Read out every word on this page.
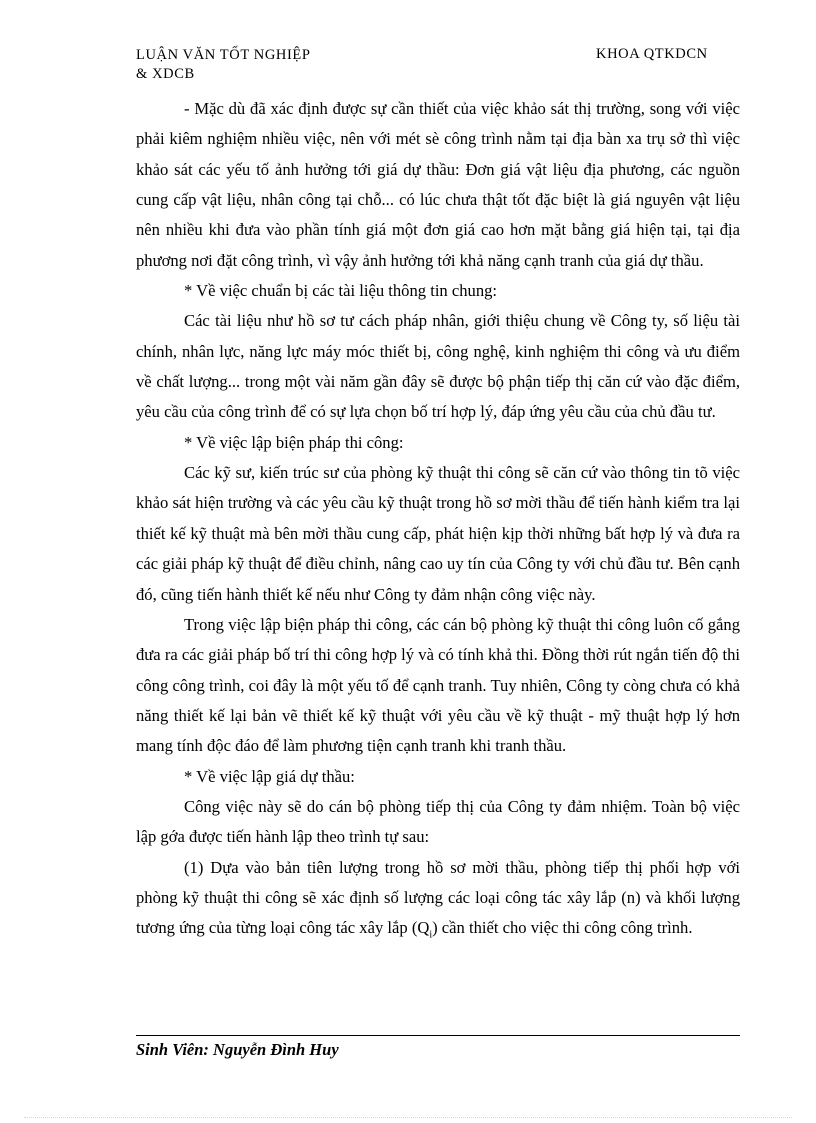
LUẬN VĂN TỐT NGHIỆP
& XDCB
KHOA QTKDCN

- Mặc dù đã xác định được sự cần thiết của việc khảo sát thị trường, song với việc phải kiêm nghiệm nhiều việc, nên với mét sè công trình nằm tại địa bàn xa trụ sở thì việc khảo sát các yếu tố ảnh hưởng tới giá dự thầu: Đơn giá vật liệu địa phương, các nguồn cung cấp vật liệu, nhân công tại chỗ... có lúc chưa thật tốt đặc biệt là giá nguyên vật liệu nên nhiều khi đưa vào phần tính giá một đơn giá cao hơn mặt bằng giá hiện tại, tại địa phương nơi đặt công trình, vì vậy ảnh hưởng tới khả năng cạnh tranh của giá dự thầu.

* Về việc chuẩn bị các tài liệu thông tin chung:

Các tài liệu như hồ sơ tư cách pháp nhân, giới thiệu chung về Công ty, số liệu tài chính, nhân lực, năng lực máy móc thiết bị, công nghệ, kinh nghiệm thi công và ưu điểm về chất lượng... trong một vài năm gần đây sẽ được bộ phận tiếp thị căn cứ vào đặc điểm, yêu cầu của công trình để có sự lựa chọn bố trí hợp lý, đáp ứng yêu cầu của chủ đầu tư.

* Về việc lập biện pháp thi công:

Các kỹ sư, kiến trúc sư của phòng kỹ thuật thi công sẽ căn cứ vào thông tin tõ việc khảo sát hiện trường và các yêu cầu kỹ thuật trong hồ sơ mời thầu để tiến hành kiểm tra lại thiết kế kỹ thuật mà bên mời thầu cung cấp, phát hiện kịp thời những bất hợp lý và đưa ra các giải pháp kỹ thuật để điều chỉnh, nâng cao uy tín của Công ty với chủ đầu tư. Bên cạnh đó, cũng tiến hành thiết kế nếu như Công ty đảm nhận công việc này.

Trong việc lập biện pháp thi công, các cán bộ phòng kỹ thuật thi công luôn cố gắng đưa ra các giải pháp bố trí thi công hợp lý và có tính khả thi. Đồng thời rút ngắn tiến độ thi công công trình, coi đây là một yếu tố để cạnh tranh. Tuy nhiên, Công ty còng chưa có khả năng thiết kế lại bản vẽ thiết kế kỹ thuật với yêu cầu về kỹ thuật - mỹ thuật hợp lý hơn mang tính độc đáo để làm phương tiện cạnh tranh khi tranh thầu.

* Về việc lập giá dự thầu:

Công việc này sẽ do cán bộ phòng tiếp thị của Công ty đảm nhiệm. Toàn bộ việc lập gớa được tiến hành lập theo trình tự sau:

(1) Dựa vào bản tiên lượng trong hồ sơ mời thầu, phòng tiếp thị phối hợp với phòng kỹ thuật thi công sẽ xác định số lượng các loại công tác xây lắp (n) và khối lượng tương ứng của từng loại công tác xây lắp $(Q_i)$ cần thiết cho việc thi công công trình.

Sinh Viên: Nguyễn Đình Huy
